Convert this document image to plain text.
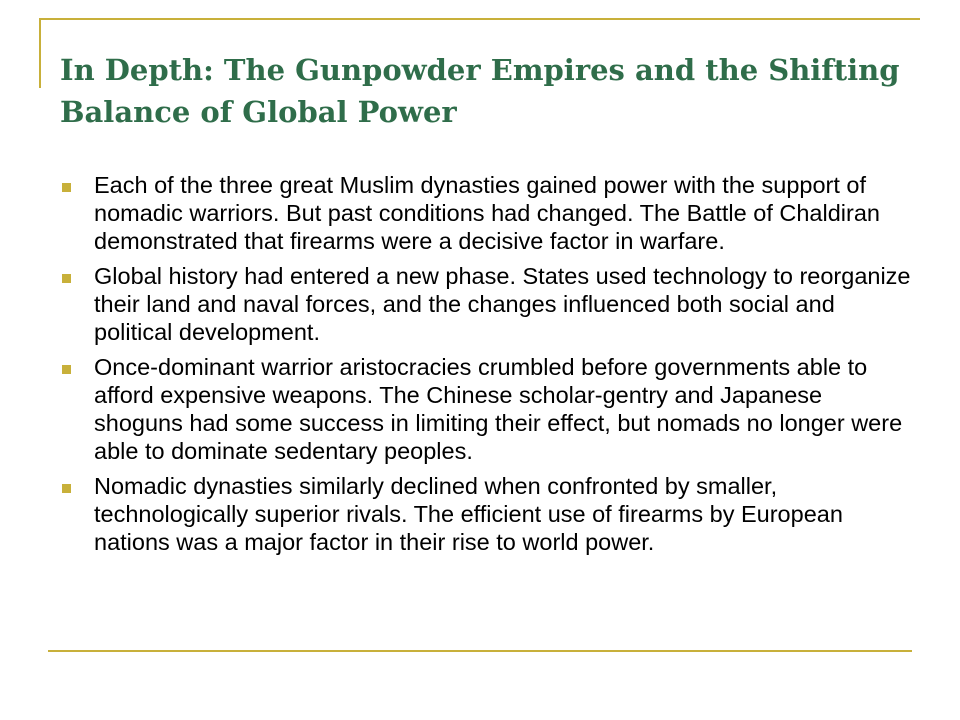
In Depth: The Gunpowder Empires and the Shifting Balance of Global Power
Each of the three great Muslim dynasties gained power with the support of nomadic warriors. But past conditions had changed. The Battle of Chaldiran demonstrated that firearms were a decisive factor in warfare.
Global history had entered a new phase. States used technology to reorganize their land and naval forces, and the changes influenced both social and political development.
Once-dominant warrior aristocracies crumbled before governments able to afford expensive weapons. The Chinese scholar-gentry and Japanese shoguns had some success in limiting their effect, but nomads no longer were able to dominate sedentary peoples.
Nomadic dynasties similarly declined when confronted by smaller, technologically superior rivals. The efficient use of firearms by European nations was a major factor in their rise to world power.
